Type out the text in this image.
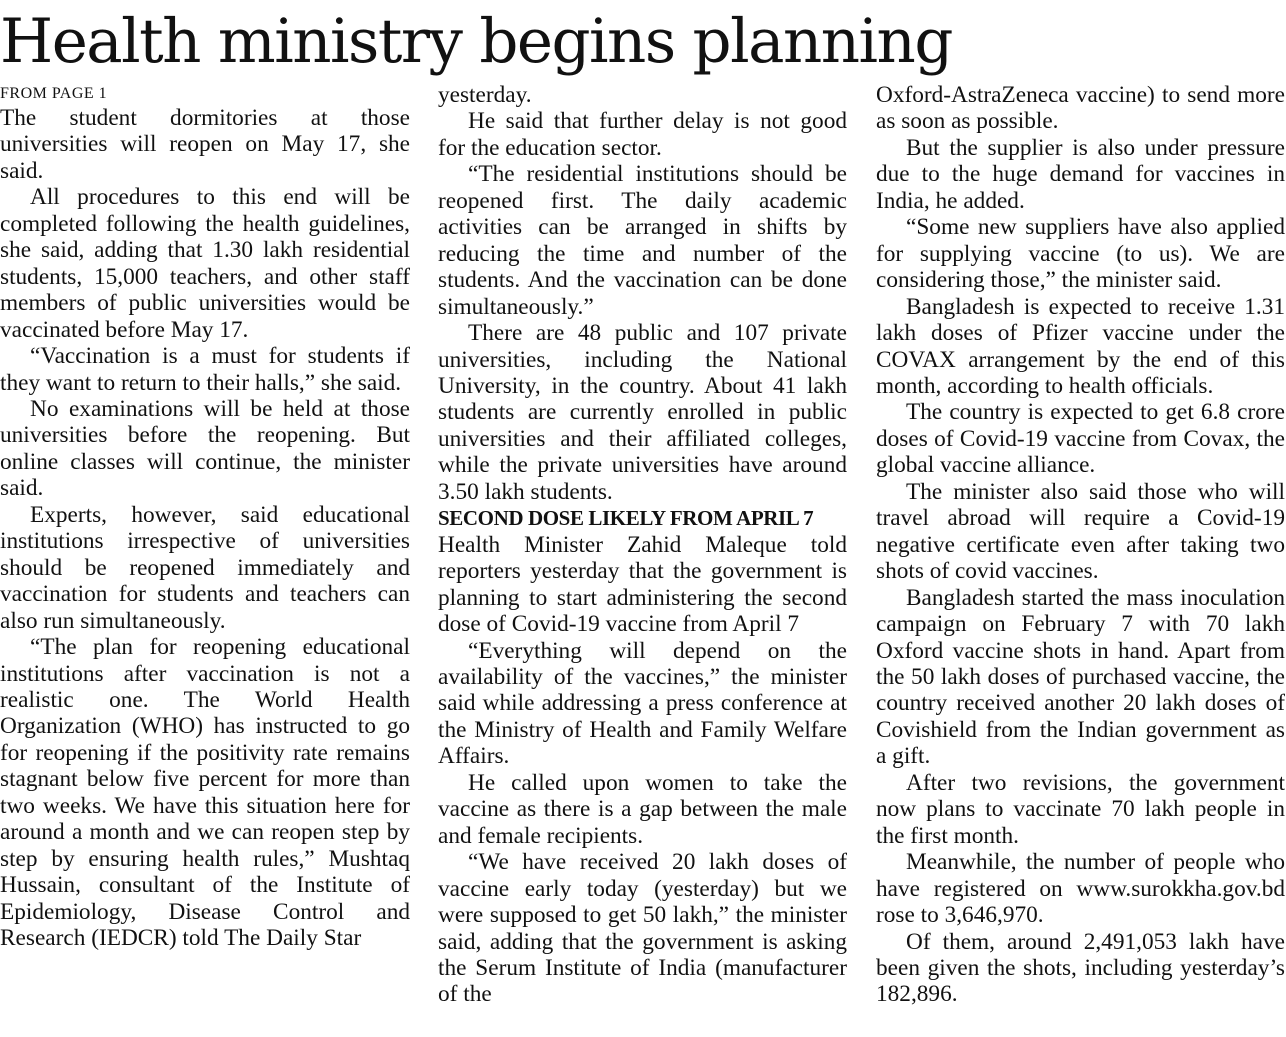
Health ministry begins planning
FROM PAGE 1

The student dormitories at those universities will reopen on May 17, she said.

All procedures to this end will be completed following the health guidelines, she said, adding that 1.30 lakh residential students, 15,000 teachers, and other staff members of public universities would be vaccinated before May 17.

“Vaccination is a must for students if they want to return to their halls,” she said.

No examinations will be held at those universities before the reopening. But online classes will continue, the minister said.

Experts, however, said educational institutions irrespective of universities should be reopened immediately and vaccination for students and teachers can also run simultaneously.

“The plan for reopening educational institutions after vaccination is not a realistic one. The World Health Organization (WHO) has instructed to go for reopening if the positivity rate remains stagnant below five percent for more than two weeks. We have this situation here for around a month and we can reopen step by step by ensuring health rules,” Mushtaq Hussain, consultant of the Institute of Epidemiology, Disease Control and Research (IEDCR) told The Daily Star

yesterday.

He said that further delay is not good for the education sector.

“The residential institutions should be reopened first. The daily academic activities can be arranged in shifts by reducing the time and number of the students. And the vaccination can be done simultaneously.”

There are 48 public and 107 private universities, including the National University, in the country. About 41 lakh students are currently enrolled in public universities and their affiliated colleges, while the private universities have around 3.50 lakh students.

SECOND DOSE LIKELY FROM APRIL 7

Health Minister Zahid Maleque told reporters yesterday that the government is planning to start administering the second dose of Covid-19 vaccine from April 7

“Everything will depend on the availability of the vaccines,” the minister said while addressing a press conference at the Ministry of Health and Family Welfare Affairs.

He called upon women to take the vaccine as there is a gap between the male and female recipients.

“We have received 20 lakh doses of vaccine early today (yesterday) but we were supposed to get 50 lakh,” the minister said, adding that the government is asking the Serum Institute of India (manufacturer of the

Oxford-AstraZeneca vaccine) to send more as soon as possible.

But the supplier is also under pressure due to the huge demand for vaccines in India, he added.

“Some new suppliers have also applied for supplying vaccine (to us). We are considering those,” the minister said.

Bangladesh is expected to receive 1.31 lakh doses of Pfizer vaccine under the COVAX arrangement by the end of this month, according to health officials.

The country is expected to get 6.8 crore doses of Covid-19 vaccine from Covax, the global vaccine alliance.

The minister also said those who will travel abroad will require a Covid-19 negative certificate even after taking two shots of covid vaccines.

Bangladesh started the mass inoculation campaign on February 7 with 70 lakh Oxford vaccine shots in hand. Apart from the 50 lakh doses of purchased vaccine, the country received another 20 lakh doses of Covishield from the Indian government as a gift.

After two revisions, the government now plans to vaccinate 70 lakh people in the first month.

Meanwhile, the number of people who have registered on www.surokkha.gov.bd rose to 3,646,970.

Of them, around 2,491,053 lakh have been given the shots, including yesterday’s 182,896.
